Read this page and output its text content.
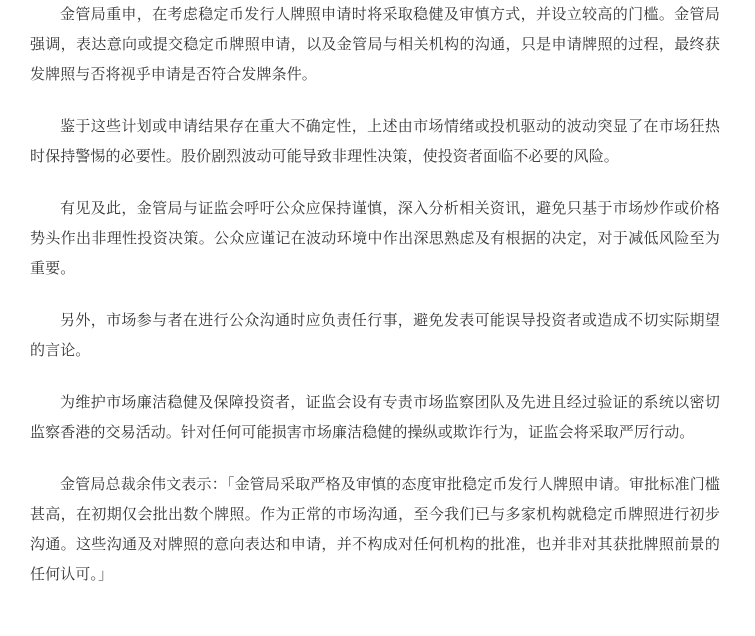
金管局重申，在考虑稳定币发行人牌照申请时将采取稳健及审慎方式，并设立较高的门槛。金管局强调，表达意向或提交稳定币牌照申请，以及金管局与相关机构的沟通，只是申请牌照的过程，最终获发牌照与否将视乎申请是否符合发牌条件。

鉴于这些计划或申请结果存在重大不确定性，上述由市场情绪或投机驱动的波动突显了在市场狂热时保持警惕的必要性。股价剧烈波动可能导致非理性决策，使投资者面临不必要的风险。

有见及此，金管局与证监会呼吁公众应保持谨慎，深入分析相关资讯，避免只基于市场炒作或价格势头作出非理性投资决策。公众应谨记在波动环境中作出深思熟虑及有根据的决定，对于减低风险至为重要。

另外，市场参与者在进行公众沟通时应负责任行事，避免发表可能误导投资者或造成不切实际期望的言论。

为维护市场廉洁稳健及保障投资者，证监会设有专责市场监察团队及先进且经过验证的系统以密切监察香港的交易活动。针对任何可能损害市场廉洁稳健的操纵或欺诈行为，证监会将采取严厉行动。

金管局总裁余伟文表示：「金管局采取严格及审慎的态度审批稳定币发行人牌照申请。审批标准门槛甚高，在初期仅会批出数个牌照。作为正常的市场沟通，至今我们已与多家机构就稳定币牌照进行初步沟通。这些沟通及对牌照的意向表达和申请，并不构成对任何机构的批准，也并非对其获批牌照前景的任何认可。」
